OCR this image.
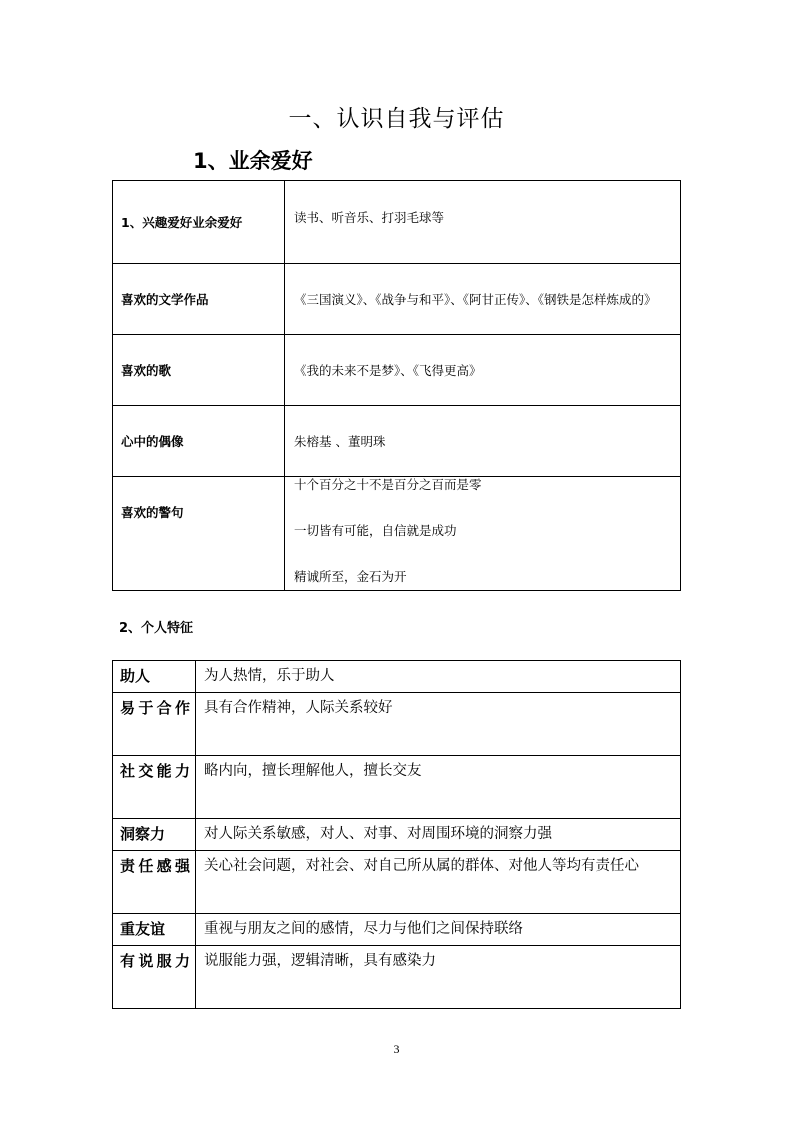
一、认识自我与评估
1、业余爱好
1、兴趣爱好业余爱好	读书、听音乐、打羽毛球等
喜欢的文学作品	《三国演义》、《战争与和平》、《阿甘正传》、《钢铁是怎样炼成的》
喜欢的歌	《我的未来不是梦》、《飞得更高》
心中的偶像	朱榕基 、董明珠
喜欢的警句	十个百分之十不是百分之百而是零
一切皆有可能，自信就是成功
精诚所至，金石为开
2、个人特征
助人	为人热情，乐于助人
易于合作	具有合作精神，人际关系较好
社交能力	略内向，擅长理解他人，擅长交友
洞察力	对人际关系敏感，对人、对事、对周围环境的洞察力强
责任感强	关心社会问题，对社会、对自己所从属的群体、对他人等均有责任心
重友谊	重视与朋友之间的感情，尽力与他们之间保持联络
有说服力	说服能力强，逻辑清晰，具有感染力
3
